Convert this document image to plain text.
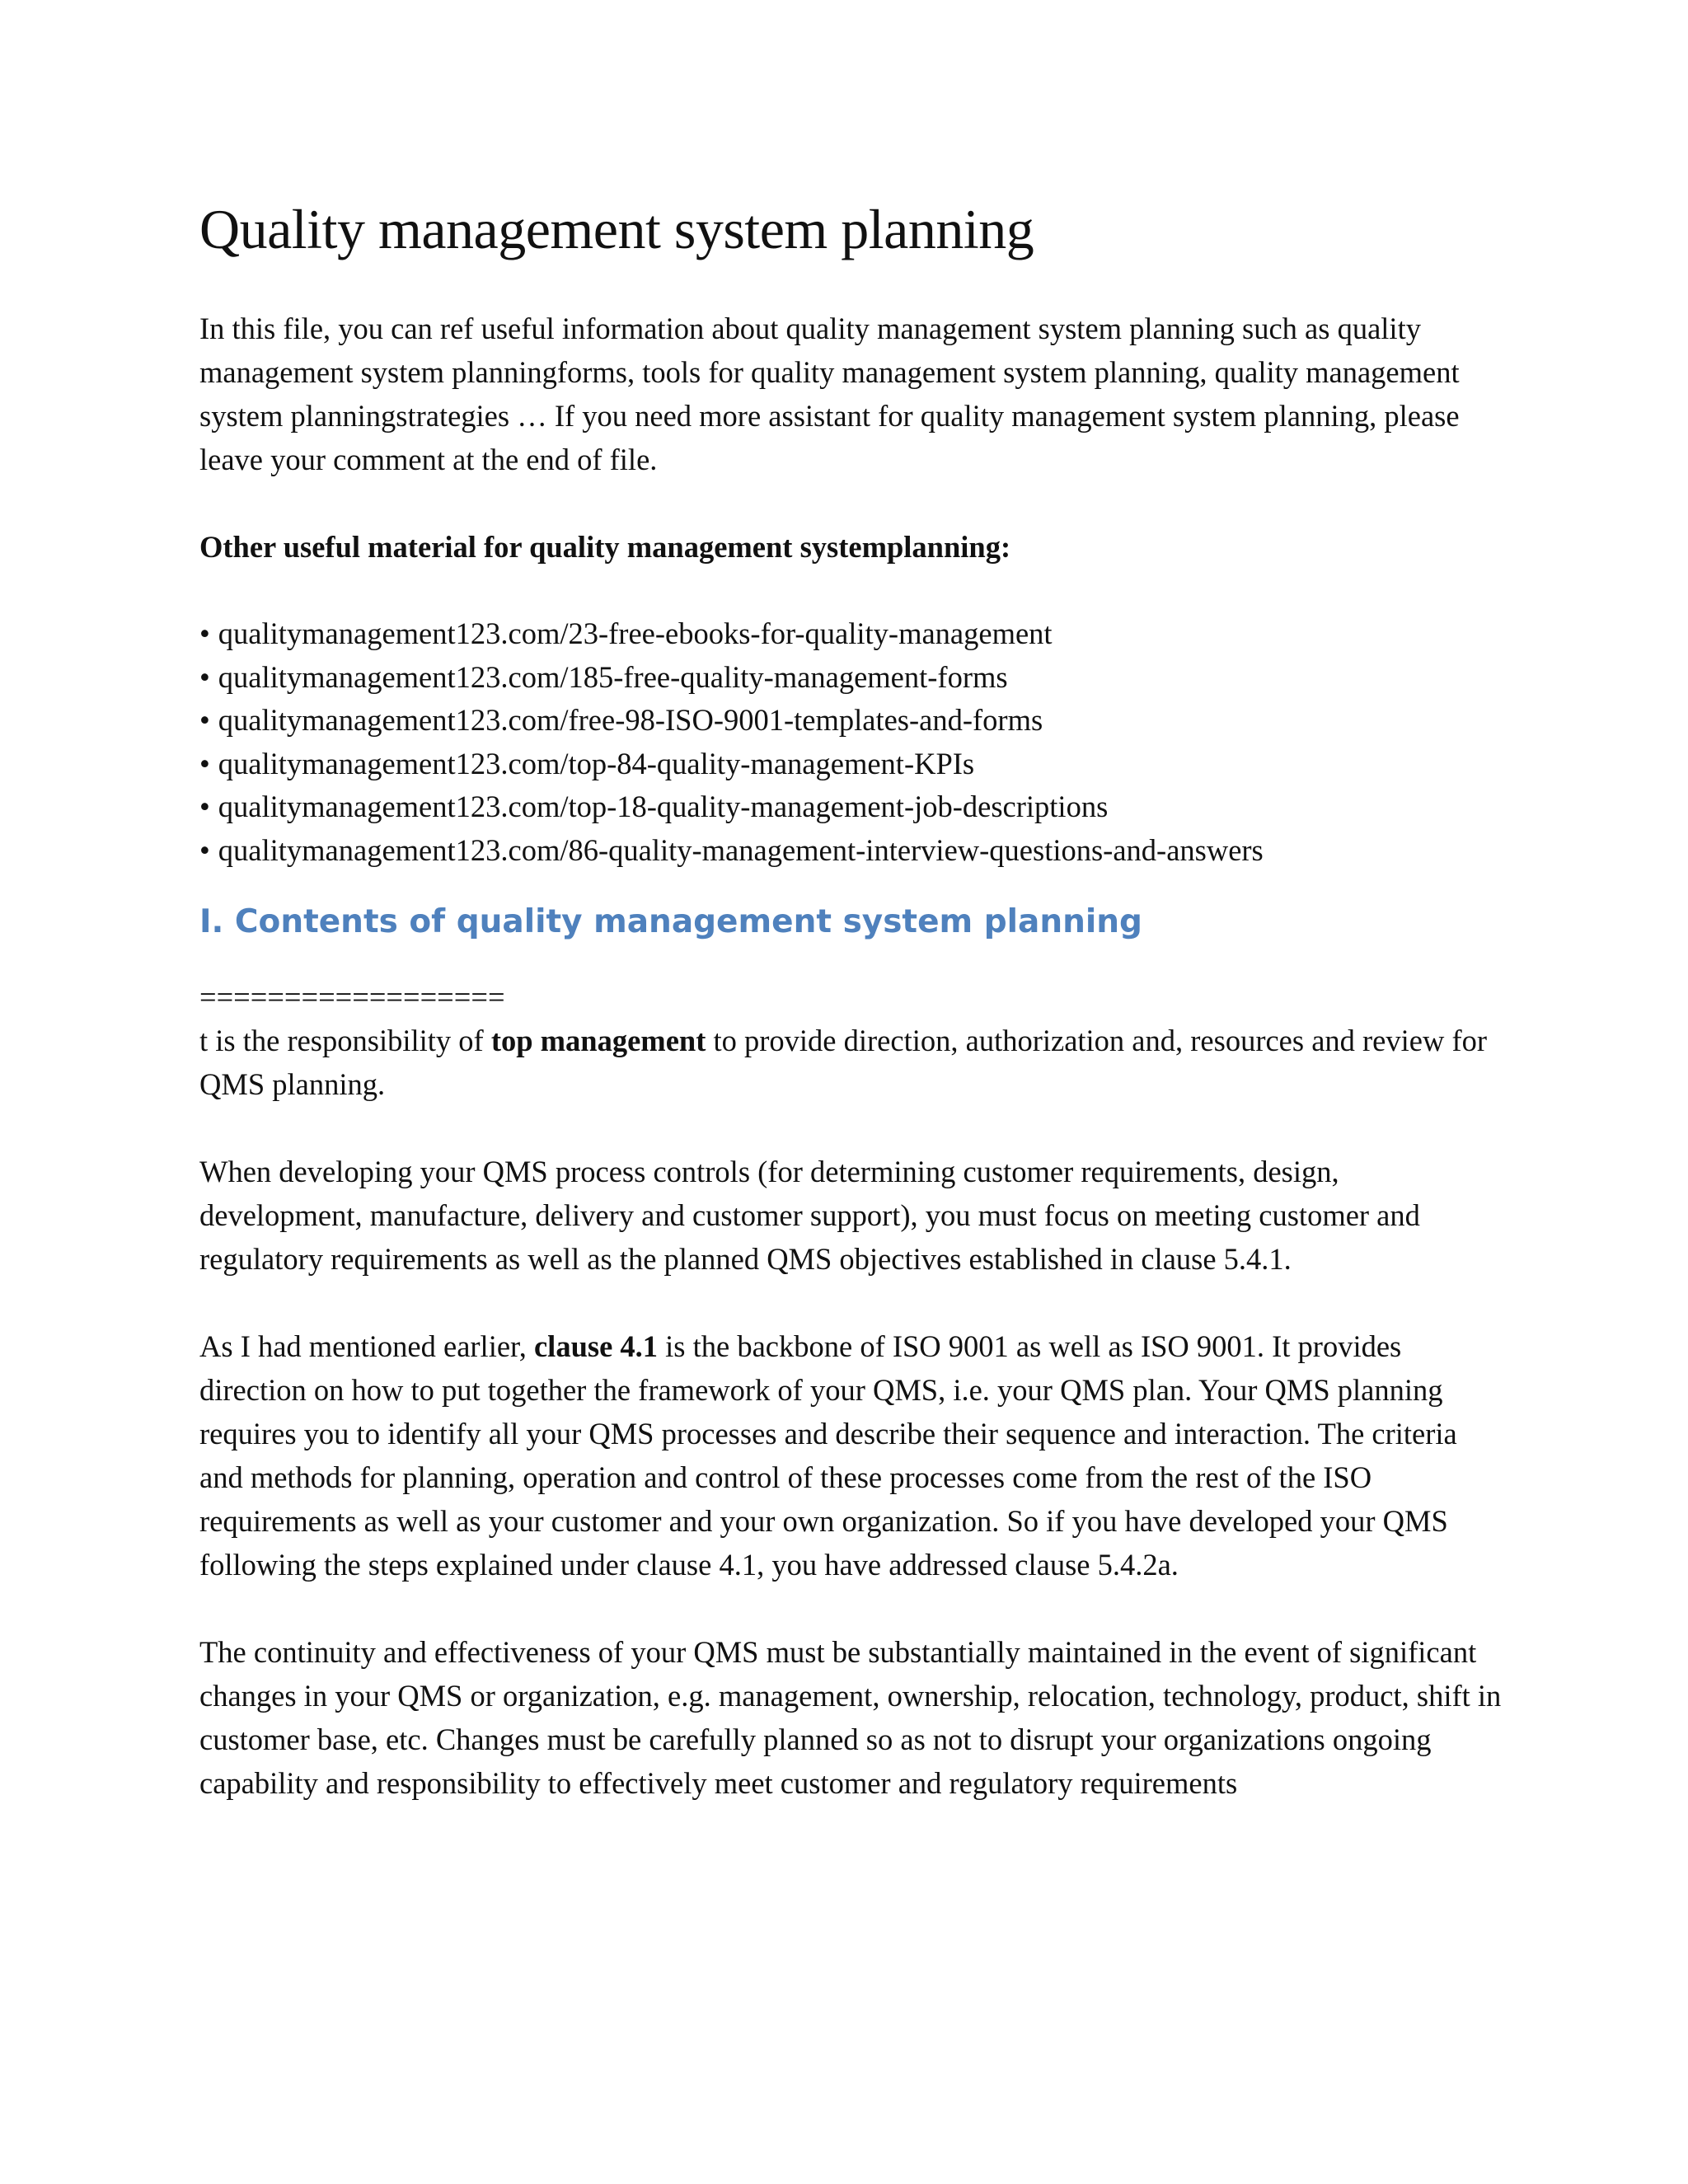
Quality management system planning

In this file, you can ref useful information about quality management system planning such as quality management system planningforms, tools for quality management system planning, quality management system planningstrategies … If you need more assistant for quality management system planning, please leave your comment at the end of file.

Other useful material for quality management systemplanning:

• qualitymanagement123.com/23-free-ebooks-for-quality-management
• qualitymanagement123.com/185-free-quality-management-forms
• qualitymanagement123.com/free-98-ISO-9001-templates-and-forms
• qualitymanagement123.com/top-84-quality-management-KPIs
• qualitymanagement123.com/top-18-quality-management-job-descriptions
• qualitymanagement123.com/86-quality-management-interview-questions-and-answers
I. Contents of quality management system planning

==================

t is the responsibility of top management to provide direction, authorization and, resources and review for QMS planning.

When developing your QMS process controls (for determining customer requirements, design, development, manufacture, delivery and customer support), you must focus on meeting customer and regulatory requirements as well as the planned QMS objectives established in clause 5.4.1.

As I had mentioned earlier, clause 4.1 is the backbone of ISO 9001 as well as ISO 9001. It provides direction on how to put together the framework of your QMS, i.e. your QMS plan. Your QMS planning requires you to identify all your QMS processes and describe their sequence and interaction. The criteria and methods for planning, operation and control of these processes come from the rest of the ISO requirements as well as your customer and your own organization. So if you have developed your QMS following the steps explained under clause 4.1, you have addressed clause 5.4.2a.

The continuity and effectiveness of your QMS must be substantially maintained in the event of significant changes in your QMS or organization, e.g. management, ownership, relocation, technology, product, shift in customer base, etc. Changes must be carefully planned so as not to disrupt your organizations ongoing capability and responsibility to effectively meet customer and regulatory requirements
